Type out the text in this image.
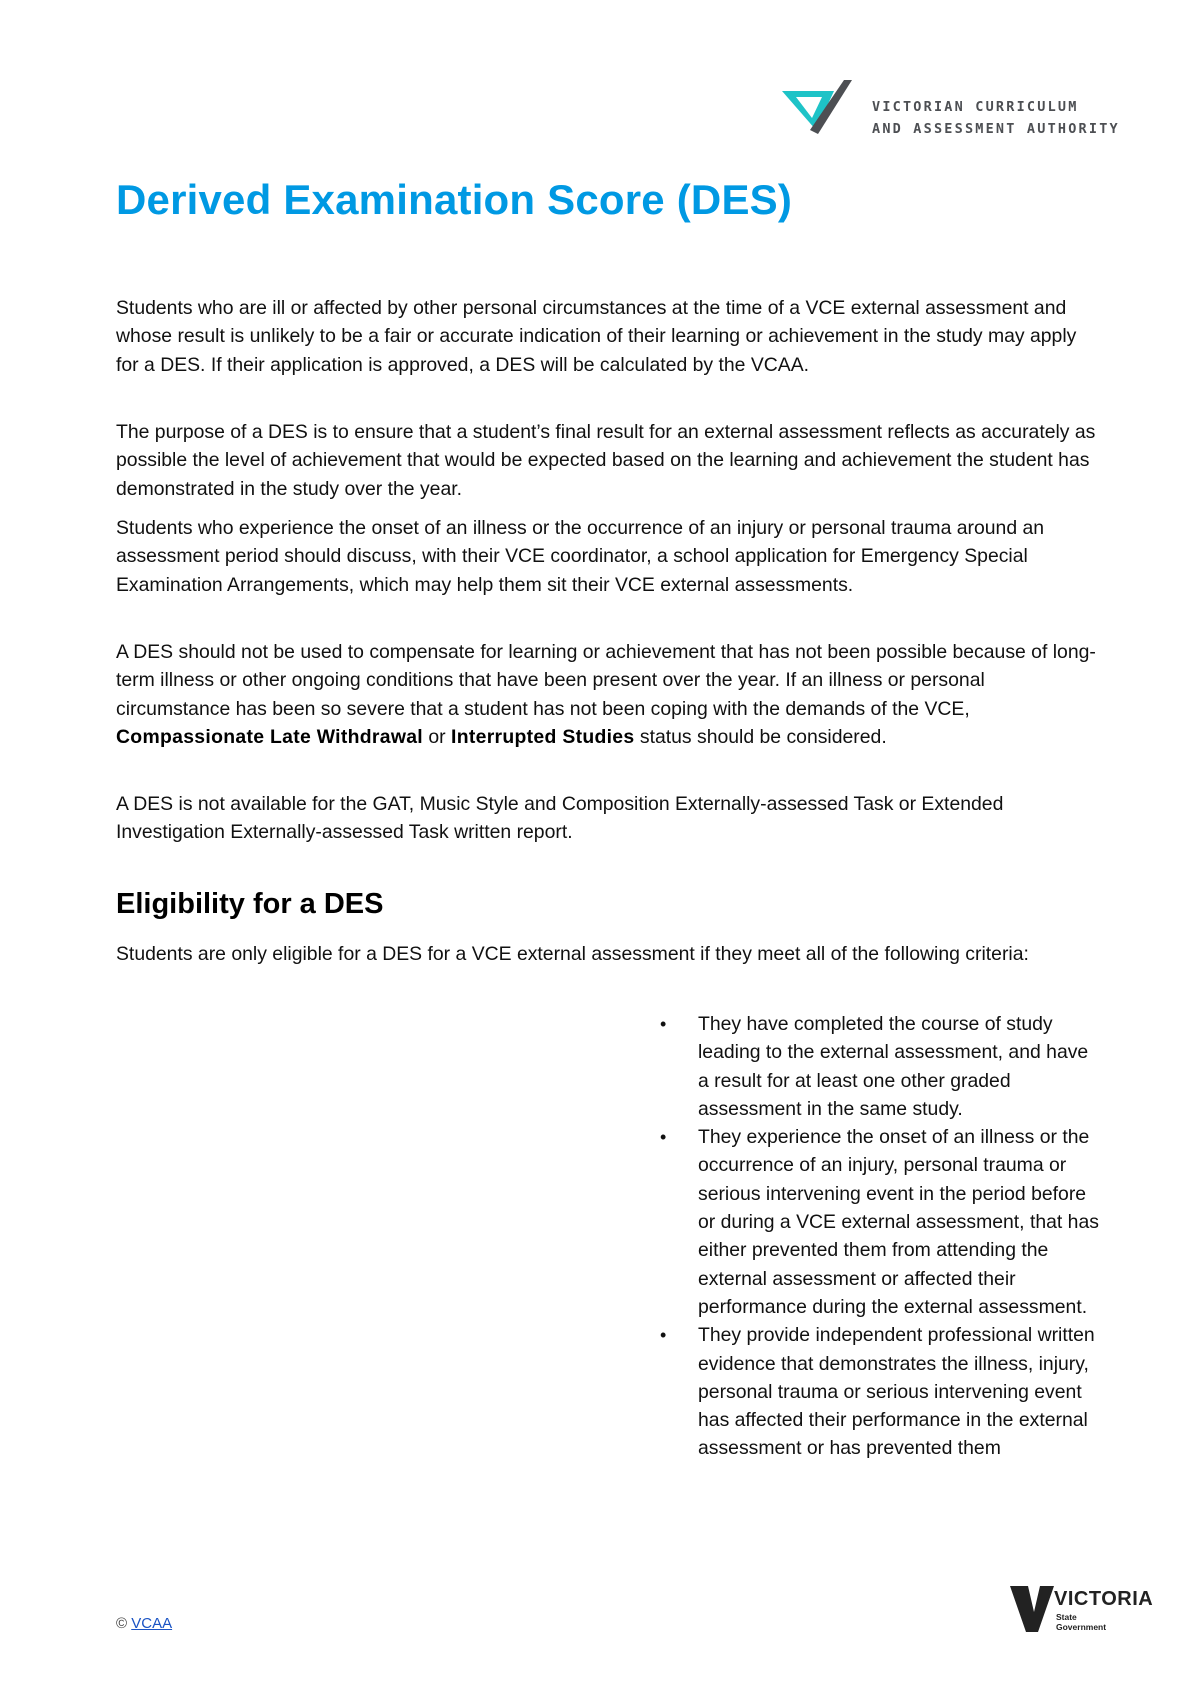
VICTORIAN CURRICULUM
AND ASSESSMENT AUTHORITY
Derived Examination Score (DES)

Students who are ill or affected by other personal circumstances at the time of a VCE external assessment and whose result is unlikely to be a fair or accurate indication of their learning or achievement in the study may apply for a DES. If their application is approved, a DES will be calculated by the VCAA.

The purpose of a DES is to ensure that a student’s final result for an external assessment reflects as accurately as possible the level of achievement that would be expected based on the learning and achievement the student has demonstrated in the study over the year.

Students who experience the onset of an illness or the occurrence of an injury or personal trauma around an assessment period should discuss, with their VCE coordinator, a school application for Emergency Special Examination Arrangements, which may help them sit their VCE external assessments.

A DES should not be used to compensate for learning or achievement that has not been possible because of long-term illness or other ongoing conditions that have been present over the year. If an illness or personal circumstance has been so severe that a student has not been coping with the demands of the VCE, Compassionate Late Withdrawal or Interrupted Studies status should be considered.

A DES is not available for the GAT, Music Style and Composition Externally-assessed Task or Extended Investigation Externally-assessed Task written report.

Eligibility for a DES

Students are only eligible for a DES for a VCE external assessment if they meet all of the following criteria:

• They have completed the course of study leading to the external assessment, and have a result for at least one other graded assessment in the same study.
• They experience the onset of an illness or the occurrence of an injury, personal trauma or serious intervening event in the period before or during a VCE external assessment, that has either prevented them from attending the external assessment or affected their performance during the external assessment.
• They provide independent professional written evidence that demonstrates the illness, injury, personal trauma or serious intervening event has affected their performance in the external assessment or has prevented them
© VCAA
VICTORIA
State
Government
